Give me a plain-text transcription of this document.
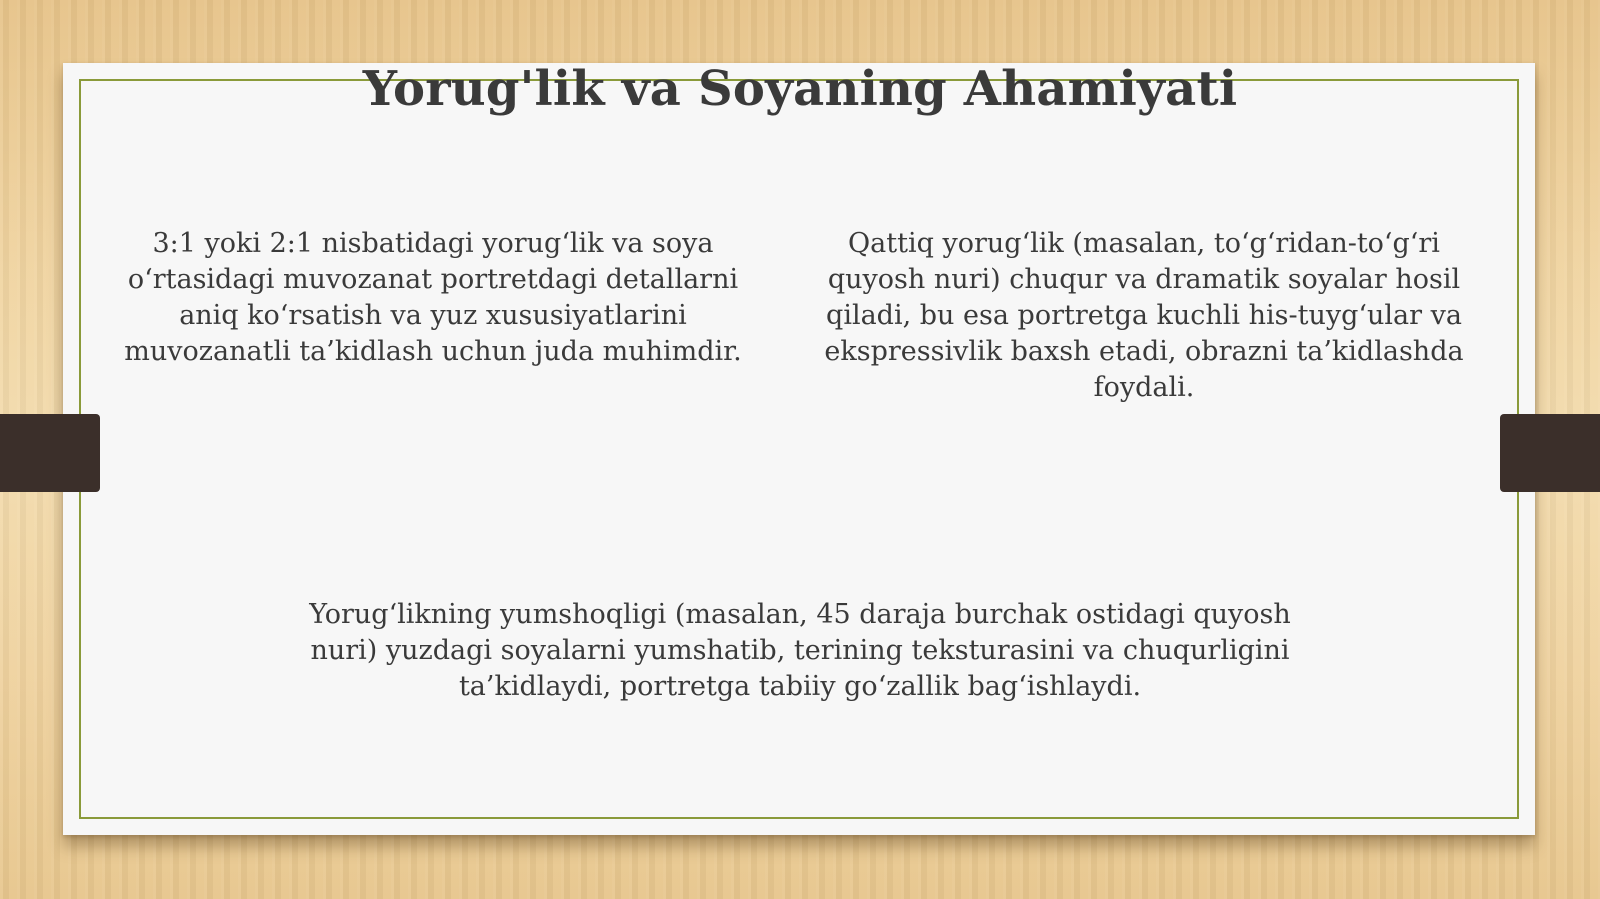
Yorug'lik va Soyaning Ahamiyati

3:1 yoki 2:1 nisbatidagi yorug‘lik va soya o‘rtasidagi muvozanat portretdagi detallarni aniq ko‘rsatish va yuz xususiyatlarini muvozanatli ta’kidlash uchun juda muhimdir.

Qattiq yorug‘lik (masalan, to‘g‘ridan-to‘g‘ri quyosh nuri) chuqur va dramatik soyalar hosil qiladi, bu esa portretga kuchli his-tuyg‘ular va ekspressivlik baxsh etadi, obrazni ta’kidlashda foydali.

Yorug‘likning yumshoqligi (masalan, 45 daraja burchak ostidagi quyosh nuri) yuzdagi soyalarni yumshatib, terining teksturasini va chuqurligini ta’kidlaydi, portretga tabiiy go‘zallik bag‘ishlaydi.
